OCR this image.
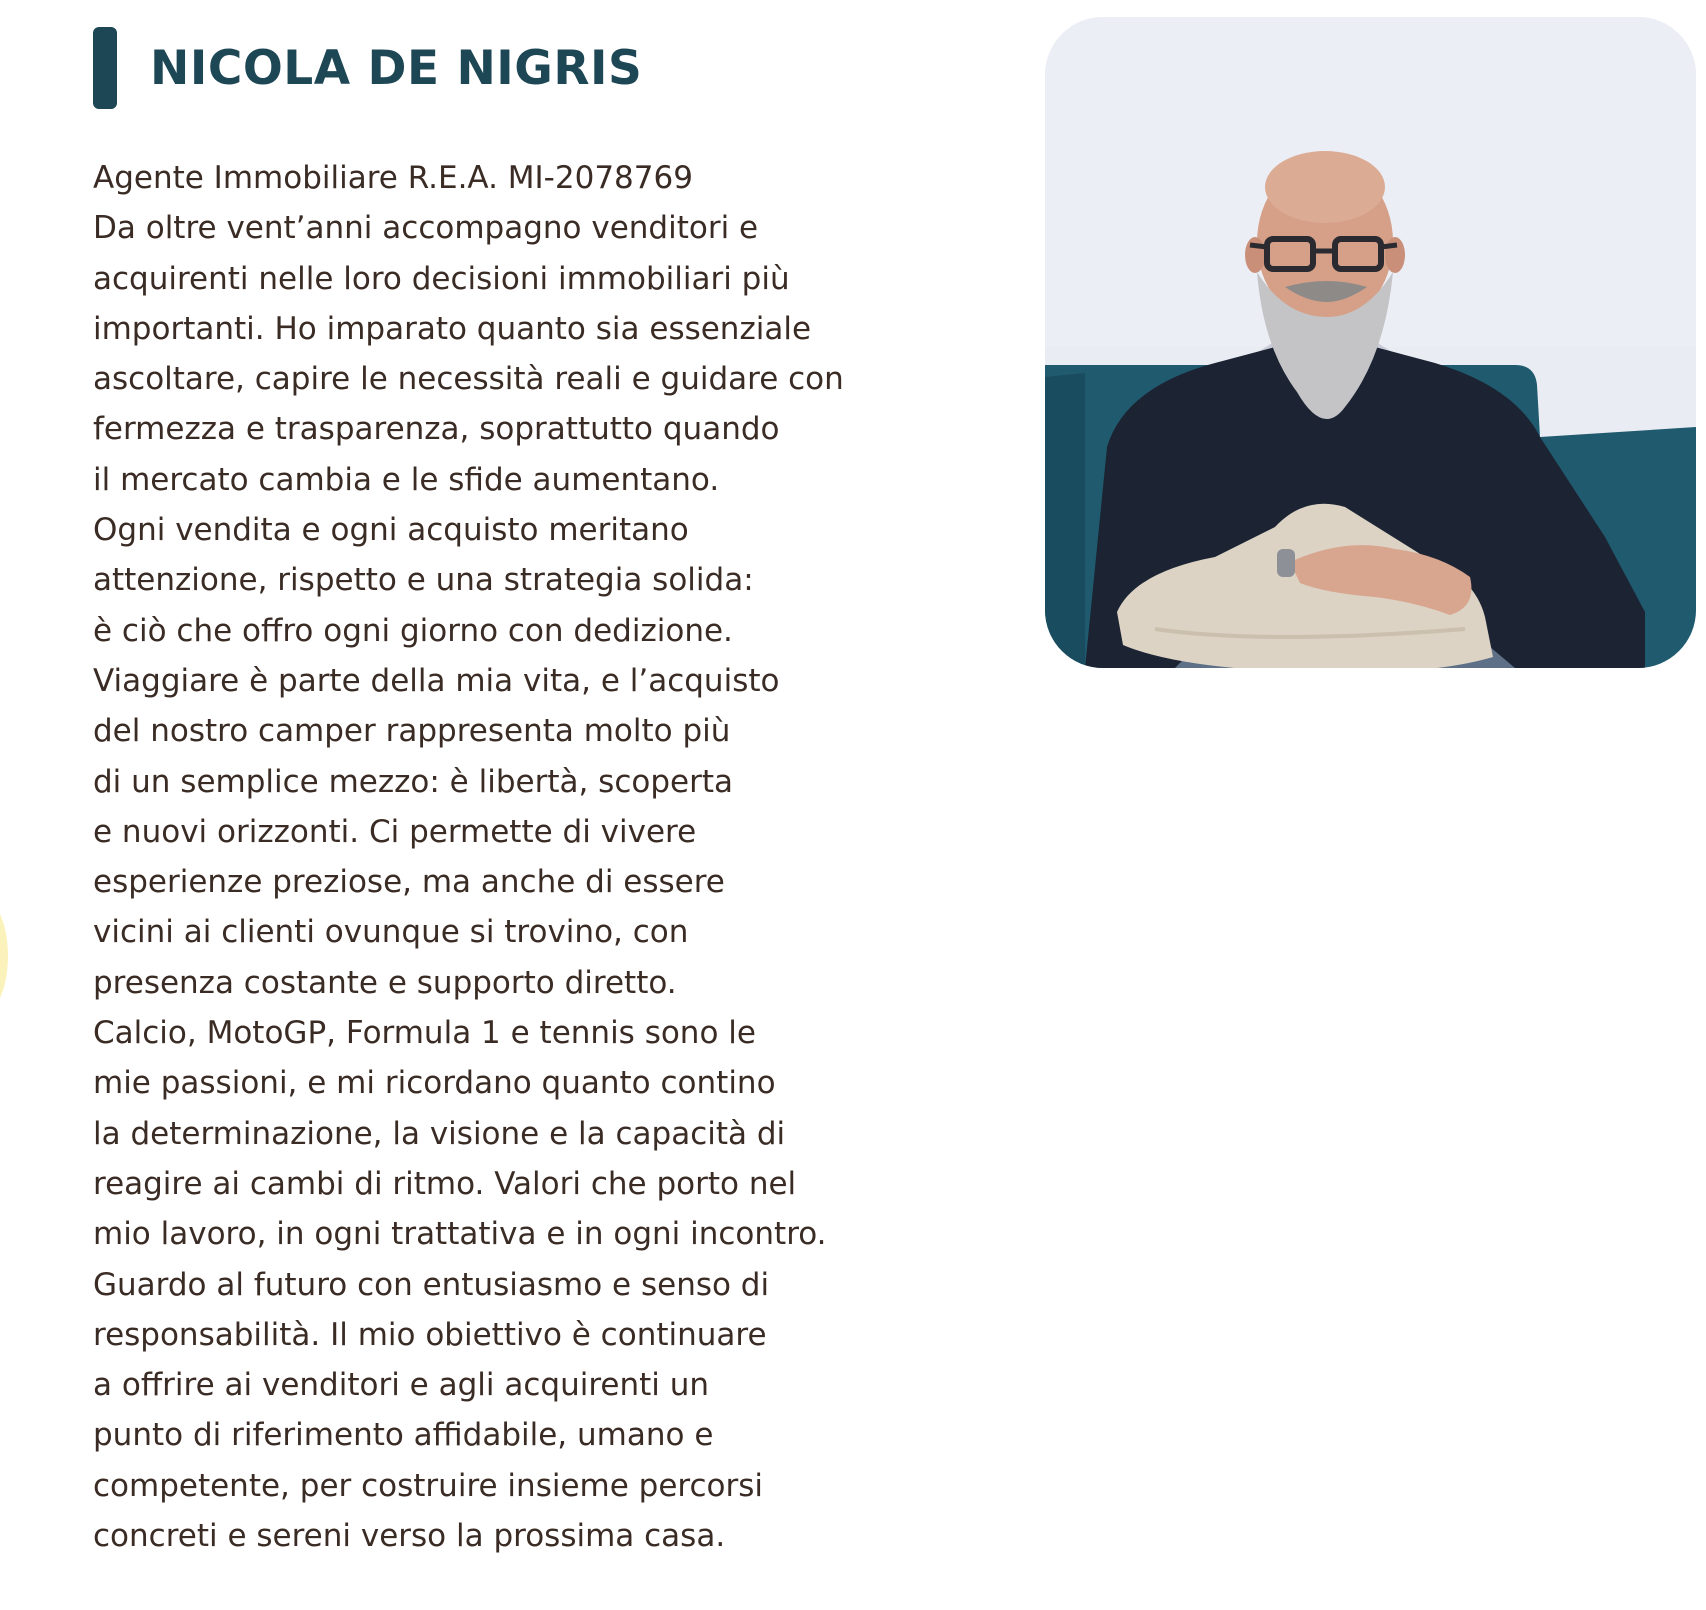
NICOLA DE NIGRIS
Agente Immobiliare R.E.A. MI-2078769
Da oltre vent’anni accompagno venditori e
acquirenti nelle loro decisioni immobiliari più
importanti. Ho imparato quanto sia essenziale
ascoltare, capire le necessità reali e guidare con
fermezza e trasparenza, soprattutto quando
il mercato cambia e le sfide aumentano.
Ogni vendita e ogni acquisto meritano
attenzione, rispetto e una strategia solida:
è ciò che offro ogni giorno con dedizione.
Viaggiare è parte della mia vita, e l’acquisto
del nostro camper rappresenta molto più
di un semplice mezzo: è libertà, scoperta
e nuovi orizzonti. Ci permette di vivere
esperienze preziose, ma anche di essere
vicini ai clienti ovunque si trovino, con
presenza costante e supporto diretto.
Calcio, MotoGP, Formula 1 e tennis sono le
mie passioni, e mi ricordano quanto contino
la determinazione, la visione e la capacità di
reagire ai cambi di ritmo. Valori che porto nel
mio lavoro, in ogni trattativa e in ogni incontro.
Guardo al futuro con entusiasmo e senso di
responsabilità. Il mio obiettivo è continuare
a offrire ai venditori e agli acquirenti un
punto di riferimento affidabile, umano e
competente, per costruire insieme percorsi
concreti e sereni verso la prossima casa.
